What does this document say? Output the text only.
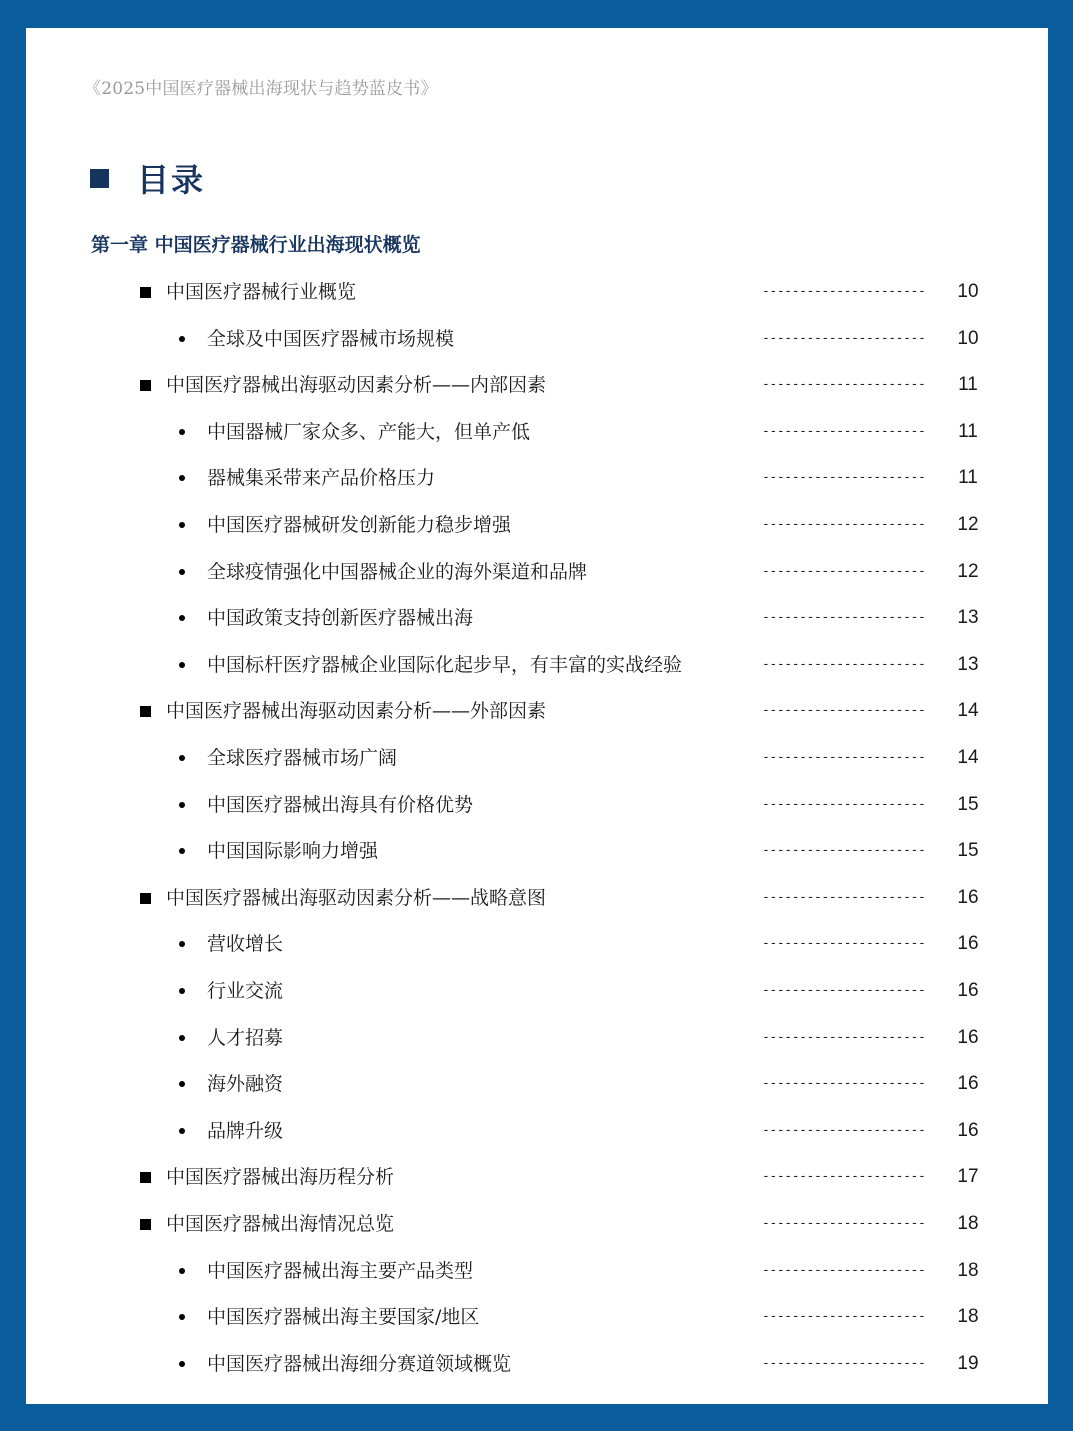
《2025中国医疗器械出海现状与趋势蓝皮书》
目录
第一章 中国医疗器械行业出海现状概览
中国医疗器械行业概览	----------------------	10
全球及中国医疗器械市场规模	----------------------	10
中国医疗器械出海驱动因素分析——内部因素	----------------------	11
中国器械厂家众多、产能大，但单产低	----------------------	11
器械集采带来产品价格压力	----------------------	11
中国医疗器械研发创新能力稳步增强	----------------------	12
全球疫情强化中国器械企业的海外渠道和品牌	----------------------	12
中国政策支持创新医疗器械出海	----------------------	13
中国标杆医疗器械企业国际化起步早，有丰富的实战经验	----------------------	13
中国医疗器械出海驱动因素分析——外部因素	----------------------	14
全球医疗器械市场广阔	----------------------	14
中国医疗器械出海具有价格优势	----------------------	15
中国国际影响力增强	----------------------	15
中国医疗器械出海驱动因素分析——战略意图	----------------------	16
营收增长	----------------------	16
行业交流	----------------------	16
人才招募	----------------------	16
海外融资	----------------------	16
品牌升级	----------------------	16
中国医疗器械出海历程分析	----------------------	17
中国医疗器械出海情况总览	----------------------	18
中国医疗器械出海主要产品类型	----------------------	18
中国医疗器械出海主要国家/地区	----------------------	18
中国医疗器械出海细分赛道领域概览	----------------------	19
